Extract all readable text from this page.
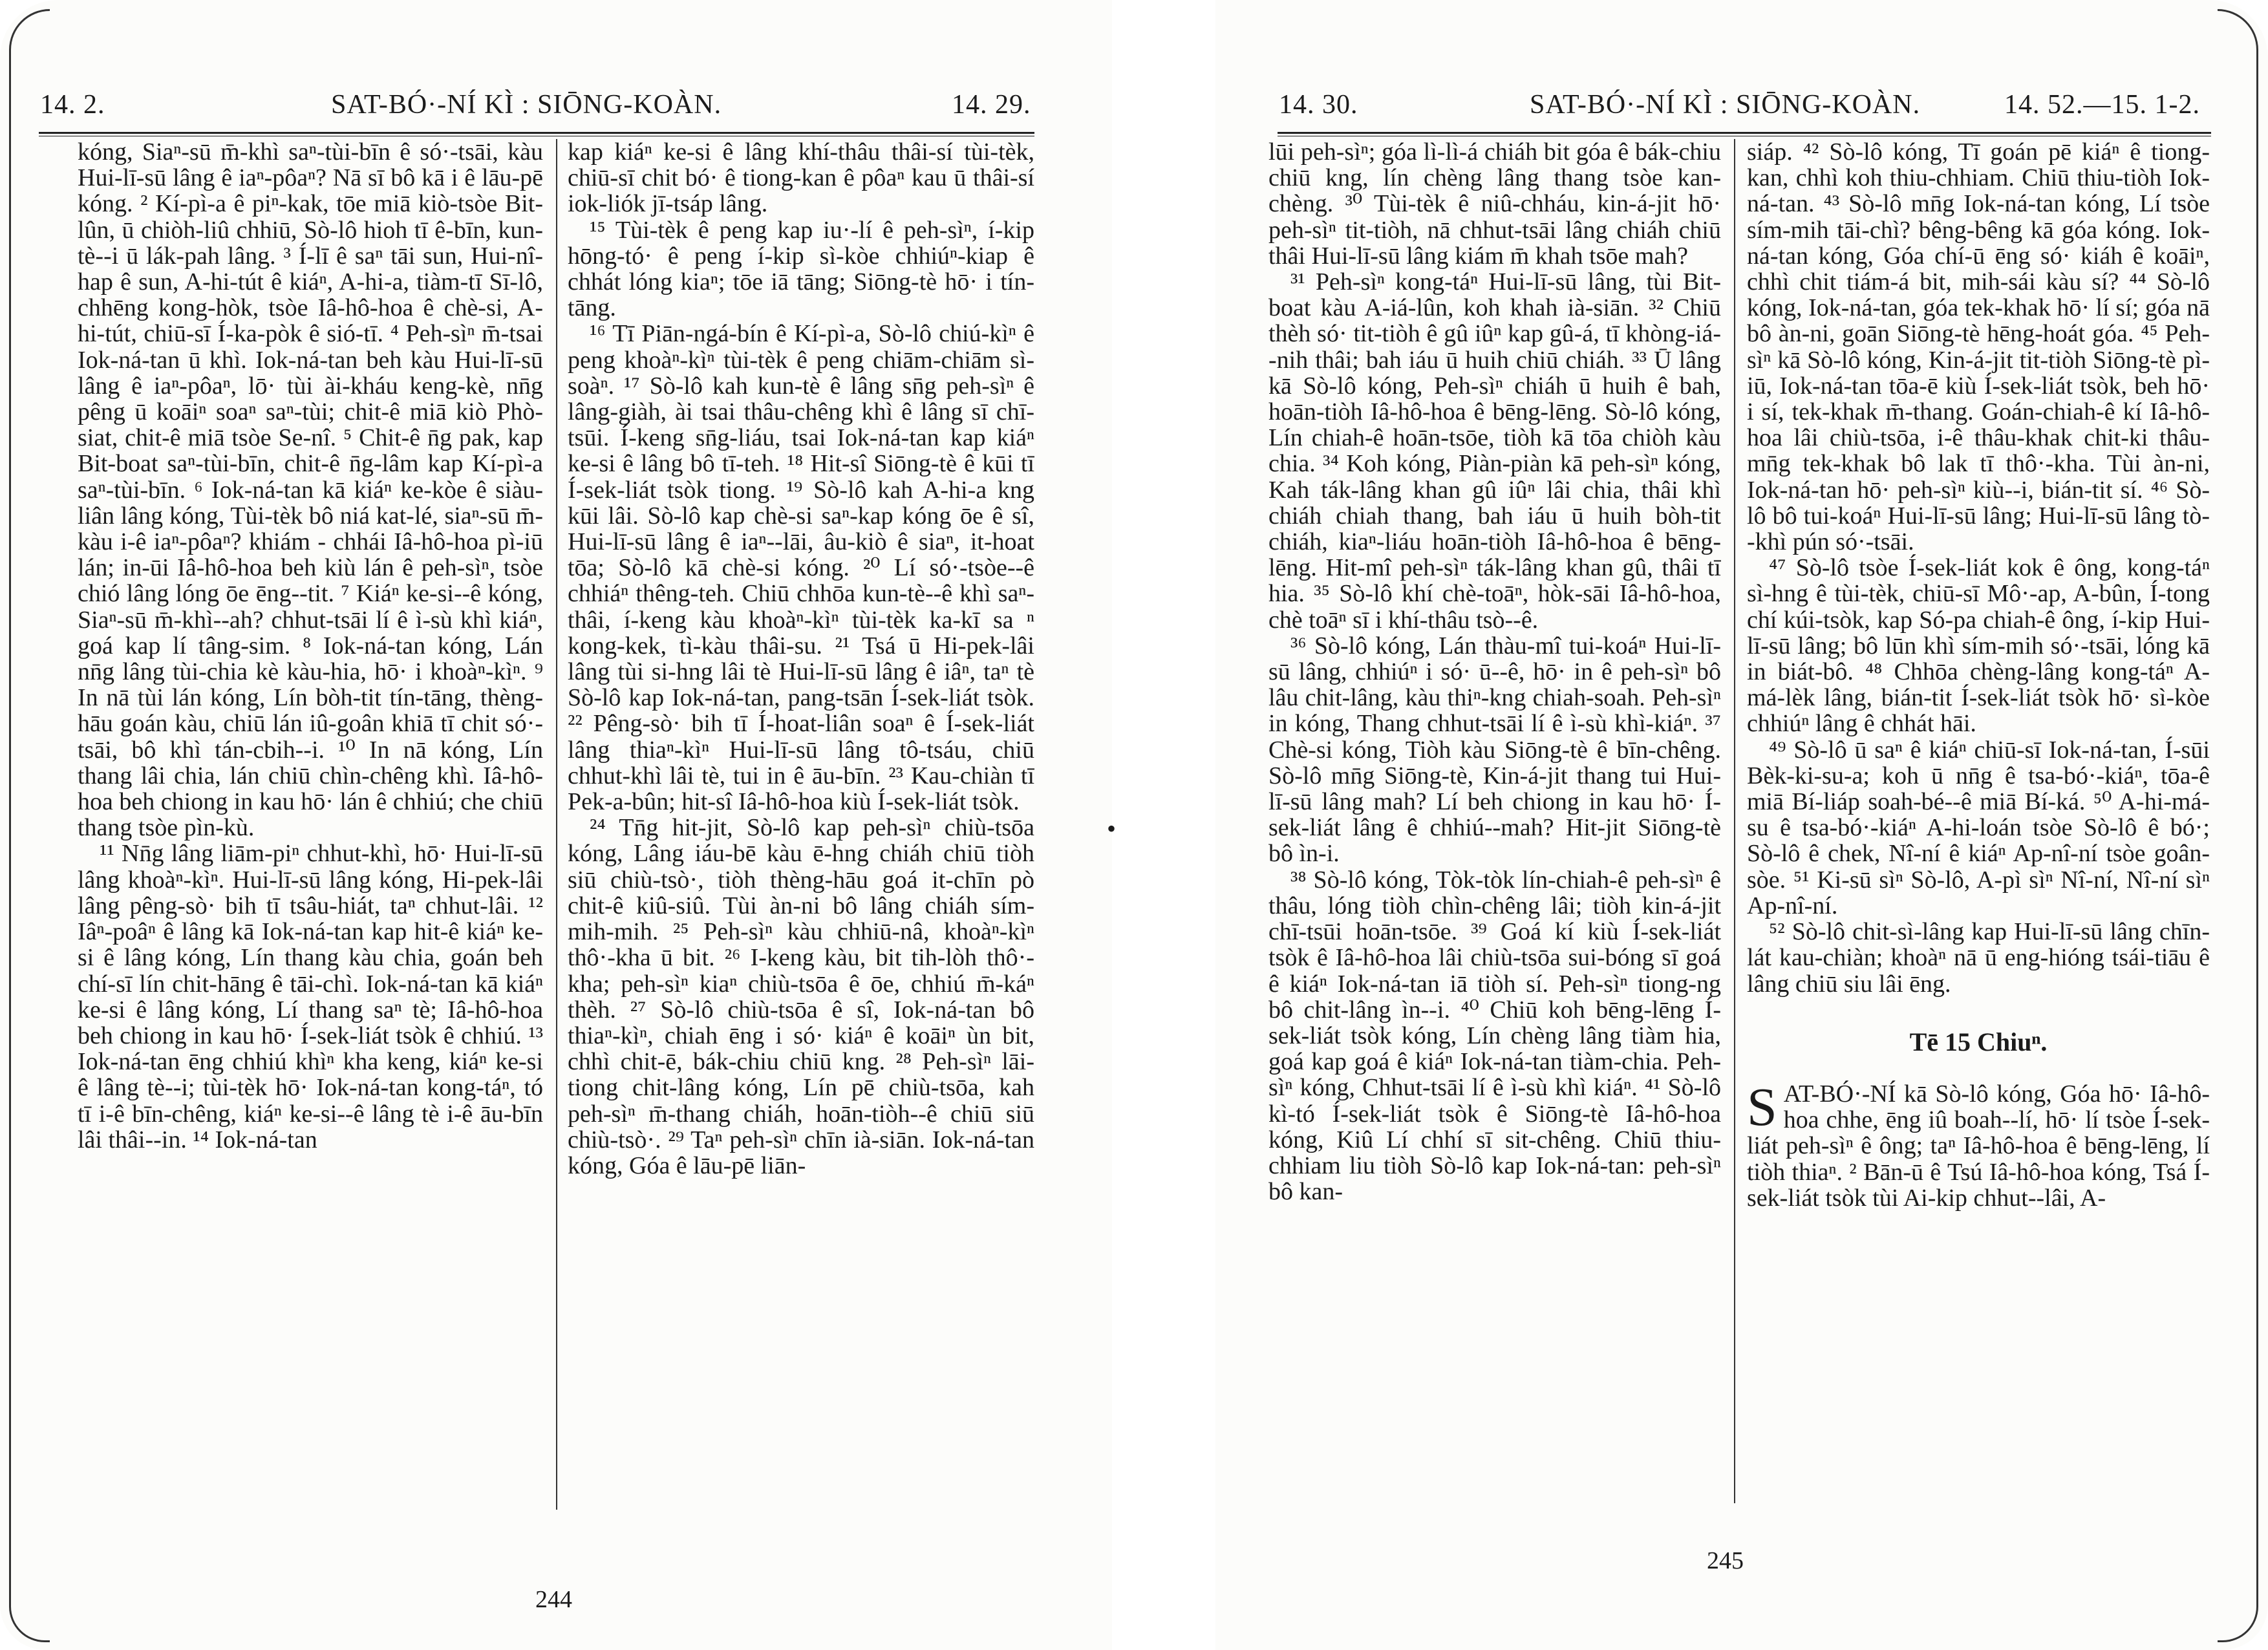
14. 2.	SAT-BÓ·-NÍ KÌ : SIŌNG-KOÀN.	14. 29.

kóng, Siaⁿ-sū m̄-khì saⁿ-tùi-bīn ê só·-tsāi, kàu Hui-lī-sū lâng ê iaⁿ-pôaⁿ? Nā sī bô kā i ê lāu-pē kóng. ² Kí-pì-a ê piⁿ-kak, tōe miā kiò-tsòe Bit-lûn, ū chiòh-liû chhiū, Sò-lô hioh tī ê-bīn, kun-tè--i ū lák-pah lâng. ³ Í-lī ê saⁿ tāi sun, Hui-nî-hap ê sun, A-hi-tút ê kiáⁿ, A-hi-a, tiàm-tī Sī-lô, chhēng kong-hòk, tsòe Iâ-hô-hoa ê chè-si, A-hi-tút, chiū-sī Í-ka-pòk ê sió-tī. ⁴ Peh-sìⁿ m̄-tsai Iok-ná-tan ū khì. Iok-ná-tan beh kàu Hui-lī-sū lâng ê iaⁿ-pôaⁿ, lō· tùi ài-kháu keng-kè, nn̄g pêng ū koāiⁿ soaⁿ saⁿ-tùi; chit-ê miā kiò Phò-siat, chit-ê miā tsòe Se-nî. ⁵ Chit-ê n̄g pak, kap Bit-boat saⁿ-tùi-bīn, chit-ê n̄g-lâm kap Kí-pì-a saⁿ-tùi-bīn. ⁶ Iok-ná-tan kā kiáⁿ ke-kòe ê siàu-liân lâng kóng, Tùi-tèk bô niá kat-lé, siaⁿ-sū m̄-kàu i-ê iaⁿ-pôaⁿ? khiám - chhái Iâ-hô-hoa pì-iū lán; in-ūi Iâ-hô-hoa beh kiù lán ê peh-sìⁿ, tsòe chió lâng lóng ōe ēng--tit. ⁷ Kiáⁿ ke-si--ê kóng, Siaⁿ-sū m̄-khì--ah? chhut-tsāi lí ê ì-sù khì kiáⁿ, goá kap lí tâng-sim. ⁸ Iok-ná-tan kóng, Lán nn̄g lâng tùi-chia kè kàu-hia, hō· i khoàⁿ-kìⁿ. ⁹ In nā tùi lán kóng, Lín bòh-tit tín-tāng, thèng-hāu goán kàu, chiū lán iû-goân khiā tī chit só·-tsāi, bô khì tán-cbih--i. ¹⁰ In nā kóng, Lín thang lâi chia, lán chiū chìn-chêng khì. Iâ-hô-hoa beh chiong in kau hō· lán ê chhiú; che chiū thang tsòe pìn-kù.

¹¹ Nn̄g lâng liām-piⁿ chhut-khì, hō· Hui-lī-sū lâng khoàⁿ-kìⁿ. Hui-lī-sū lâng kóng, Hi-pek-lâi lâng pêng-sò· bih tī tsâu-hiát, taⁿ chhut-lâi. ¹² Iâⁿ-poâⁿ ê lâng kā Iok-ná-tan kap hit-ê kiáⁿ ke-si ê lâng kóng, Lín thang kàu chia, goán beh chí-sī lín chit-hāng ê tāi-chì. Iok-ná-tan kā kiáⁿ ke-si ê lâng kóng, Lí thang saⁿ tè; Iâ-hô-hoa beh chiong in kau hō· Í-sek-liát tsòk ê chhiú. ¹³ Iok-ná-tan ēng chhiú khìⁿ kha keng, kiáⁿ ke-si ê lâng tè--i; tùi-tèk hō· Iok-ná-tan kong-táⁿ, tó tī i-ê bīn-chêng, kiáⁿ ke-si--ê lâng tè i-ê āu-bīn lâi thâi--in. ¹⁴ Iok-ná-tan

kap kiáⁿ ke-si ê lâng khí-thâu thâi-sí tùi-tèk, chiū-sī chit bó· ê tiong-kan ê pôaⁿ kau ū thâi-sí iok-liók jī-tsáp lâng.

¹⁵ Tùi-tèk ê peng kap iu·-lí ê peh-sìⁿ, í-kip hōng-tó· ê peng í-kip sì-kòe chhiúⁿ-kiap ê chhát lóng kiaⁿ; tōe iā tāng; Siōng-tè hō· i tín-tāng.

¹⁶ Tī Piān-ngá-bín ê Kí-pì-a, Sò-lô chiú-kìⁿ ê peng khoàⁿ-kìⁿ tùi-tèk ê peng chiām-chiām sì-soàⁿ. ¹⁷ Sò-lô kah kun-tè ê lâng sn̄g peh-sìⁿ ê lâng-giàh, ài tsai thâu-chêng khì ê lâng sī chī-tsūi. Í-keng sn̄g-liáu, tsai Iok-ná-tan kap kiáⁿ ke-si ê lâng bô tī-teh. ¹⁸ Hit-sî Siōng-tè ê kūi tī Í-sek-liát tsòk tiong. ¹⁹ Sò-lô kah A-hi-a kng kūi lâi. Sò-lô kap chè-si saⁿ-kap kóng ōe ê sî, Hui-lī-sū lâng ê iaⁿ--lāi, âu-kiò ê siaⁿ, it-hoat tōa; Sò-lô kā chè-si kóng. ²⁰ Lí só·-tsòe--ê chhiáⁿ thêng-teh. Chiū chhōa kun-tè--ê khì saⁿ-thâi, í-keng kàu khoàⁿ-kìⁿ tùi-tèk ka-kī sa ⁿ kong-kek, tì-kàu thâi-su. ²¹ Tsá ū Hi-pek-lâi lâng tùi si-hng lâi tè Hui-lī-sū lâng ê iâⁿ, taⁿ tè Sò-lô kap Iok-ná-tan, pang-tsān Í-sek-liát tsòk. ²² Pêng-sò· bih tī Í-hoat-liân soaⁿ ê Í-sek-liát lâng thiaⁿ-kìⁿ Hui-lī-sū lâng tô-tsáu, chiū chhut-khì lâi tè, tui in ê āu-bīn. ²³ Kau-chiàn tī Pek-a-bûn; hit-sî Iâ-hô-hoa kiù Í-sek-liát tsòk.

²⁴ Tn̄g hit-jit, Sò-lô kap peh-sìⁿ chiù-tsōa kóng, Lâng iáu-bē kàu ē-hng chiáh chiū tiòh siū chiù-tsò·, tiòh thèng-hāu goá it-chīn pò chit-ê kiû-siû. Tùi àn-ni bô lâng chiáh sím-mih-mih. ²⁵ Peh-sìⁿ kàu chhiū-nâ, khoàⁿ-kìⁿ thô·-kha ū bit. ²⁶ I-keng kàu, bit tih-lòh thô·-kha; peh-sìⁿ kiaⁿ chiù-tsōa ê ōe, chhiú m̄-káⁿ thèh. ²⁷ Sò-lô chiù-tsōa ê sî, Iok-ná-tan bô thiaⁿ-kìⁿ, chiah ēng i só· kiáⁿ ê koāiⁿ ùn bit, chhì chit-ē, bák-chiu chiū kng. ²⁸ Peh-sìⁿ lāi-tiong chit-lâng kóng, Lín pē chiù-tsōa, kah peh-sìⁿ m̄-thang chiáh, hoān-tiòh--ê chiū siū chiù-tsò·. ²⁹ Taⁿ peh-sìⁿ chīn ià-siān. Iok-ná-tan kóng, Góa ê lāu-pē liān-

244
•
14. 30.	SAT-BÓ·-NÍ KÌ : SIŌNG-KOÀN.	14. 52.—15. 1-2.

lūi peh-sìⁿ; góa lì-lì-á chiáh bit góa ê bák-chiu chiū kng, lín chèng lâng thang tsòe kan-chèng. ³⁰ Tùi-tèk ê niû-chháu, kin-á-jit hō· peh-sìⁿ tit-tiòh, nā chhut-tsāi lâng chiáh chiū thâi Hui-lī-sū lâng kiám m̄ khah tsōe mah?

³¹ Peh-sìⁿ kong-táⁿ Hui-lī-sū lâng, tùi Bit-boat kàu A-iá-lûn, koh khah ià-siān. ³² Chiū thèh só· tit-tiòh ê gû iûⁿ kap gû-á, tī khòng-iá--nih thâi; bah iáu ū huih chiū chiáh. ³³ Ū lâng kā Sò-lô kóng, Peh-sìⁿ chiáh ū huih ê bah, hoān-tiòh Iâ-hô-hoa ê bēng-lēng. Sò-lô kóng, Lín chiah-ê hoān-tsōe, tiòh kā tōa chiòh kàu chia. ³⁴ Koh kóng, Piàn-piàn kā peh-sìⁿ kóng, Kah ták-lâng khan gû iûⁿ lâi chia, thâi khì chiáh chiah thang, bah iáu ū huih bòh-tit chiáh, kiaⁿ-liáu hoān-tiòh Iâ-hô-hoa ê bēng-lēng. Hit-mî peh-sìⁿ ták-lâng khan gû, thâi tī hia. ³⁵ Sò-lô khí chè-toāⁿ, hòk-sāi Iâ-hô-hoa, chè toāⁿ sī i khí-thâu tsò--ê.

³⁶ Sò-lô kóng, Lán thàu-mî tui-koáⁿ Hui-lī-sū lâng, chhiúⁿ i só· ū--ê, hō· in ê peh-sìⁿ bô lâu chit-lâng, kàu thiⁿ-kng chiah-soah. Peh-sìⁿ in kóng, Thang chhut-tsāi lí ê ì-sù khì-kiáⁿ. ³⁷ Chè-si kóng, Tiòh kàu Siōng-tè ê bīn-chêng. Sò-lô mn̄g Siōng-tè, Kin-á-jit thang tui Hui-lī-sū lâng mah? Lí beh chiong in kau hō· Í-sek-liát lâng ê chhiú--mah? Hit-jit Siōng-tè bô ìn-i.

³⁸ Sò-lô kóng, Tòk-tòk lín-chiah-ê peh-sìⁿ ê thâu, lóng tiòh chìn-chêng lâi; tiòh kin-á-jit chī-tsūi hoān-tsōe. ³⁹ Goá kí kiù Í-sek-liát tsòk ê Iâ-hô-hoa lâi chiù-tsōa sui-bóng sī goá ê kiáⁿ Iok-ná-tan iā tiòh sí. Peh-sìⁿ tiong-ng bô chit-lâng ìn--i. ⁴⁰ Chiū koh bēng-lēng Í-sek-liát tsòk kóng, Lín chèng lâng tiàm hia, goá kap goá ê kiáⁿ Iok-ná-tan tiàm-chia. Peh-sìⁿ kóng, Chhut-tsāi lí ê ì-sù khì kiáⁿ. ⁴¹ Sò-lô kì-tó Í-sek-liát tsòk ê Siōng-tè Iâ-hô-hoa kóng, Kiû Lí chhí sī sit-chêng. Chiū thiu-chhiam liu tiòh Sò-lô kap Iok-ná-tan: peh-sìⁿ bô kan-

siáp. ⁴² Sò-lô kóng, Tī goán pē kiáⁿ ê tiong-kan, chhì koh thiu-chhiam. Chiū thiu-tiòh Iok-ná-tan. ⁴³ Sò-lô mn̄g Iok-ná-tan kóng, Lí tsòe sím-mih tāi-chì? bêng-bêng kā góa kóng. Iok-ná-tan kóng, Góa chí-ū ēng só· kiáh ê koāiⁿ, chhì chit tiám-á bit, mih-sái kàu sí? ⁴⁴ Sò-lô kóng, Iok-ná-tan, góa tek-khak hō· lí sí; góa nā bô àn-ni, goān Siōng-tè hēng-hoát góa. ⁴⁵ Peh-sìⁿ kā Sò-lô kóng, Kin-á-jit tit-tiòh Siōng-tè pì-iū, Iok-ná-tan tōa-ē kiù Í-sek-liát tsòk, beh hō· i sí, tek-khak m̄-thang. Goán-chiah-ê kí Iâ-hô-hoa lâi chiù-tsōa, i-ê thâu-khak chit-ki thâu-mn̄g tek-khak bô lak tī thô·-kha. Tùi àn-ni, Iok-ná-tan hō· peh-sìⁿ kiù--i, bián-tit sí. ⁴⁶ Sò-lô bô tui-koáⁿ Hui-lī-sū lâng; Hui-lī-sū lâng tò--khì pún só·-tsāi.

⁴⁷ Sò-lô tsòe Í-sek-liát kok ê ông, kong-táⁿ sì-hng ê tùi-tèk, chiū-sī Mô·-ap, A-bûn, Í-tong chí kúi-tsòk, kap Só-pa chiah-ê ông, í-kip Hui-lī-sū lâng; bô lūn khì sím-mih só·-tsāi, lóng kā in biát-bô. ⁴⁸ Chhōa chèng-lâng kong-táⁿ A-má-lèk lâng, bián-tit Í-sek-liát tsòk hō· sì-kòe chhiúⁿ lâng ê chhát hāi.

⁴⁹ Sò-lô ū saⁿ ê kiáⁿ chiū-sī Iok-ná-tan, Í-sūi Bèk-ki-su-a; koh ū nn̄g ê tsa-bó·-kiáⁿ, tōa-ê miā Bí-liáp soah-bé--ê miā Bí-ká. ⁵⁰ A-hi-má-su ê tsa-bó·-kiáⁿ A-hi-loán tsòe Sò-lô ê bó·; Sò-lô ê chek, Nî-ní ê kiáⁿ Ap-nî-ní tsòe goân-sòe. ⁵¹ Ki-sū sìⁿ Sò-lô, A-pì sìⁿ Nî-ní, Nî-ní sìⁿ Ap-nî-ní.

⁵² Sò-lô chit-sì-lâng kap Hui-lī-sū lâng chīn-lát kau-chiàn; khoàⁿ nā ū eng-hióng tsái-tiāu ê lâng chiū siu lâi ēng.

Tē 15 Chiuⁿ.

SAT-BÓ·-NÍ kā Sò-lô kóng, Góa hō· Iâ-hô-hoa chhe, ēng iû boah--lí, hō· lí tsòe Í-sek-liát peh-sìⁿ ê ông; taⁿ Iâ-hô-hoa ê bēng-lēng, lí tiòh thiaⁿ. ² Bān-ū ê Tsú Iâ-hô-hoa kóng, Tsá Í-sek-liát tsòk tùi Ai-kip chhut--lâi, A-

245
